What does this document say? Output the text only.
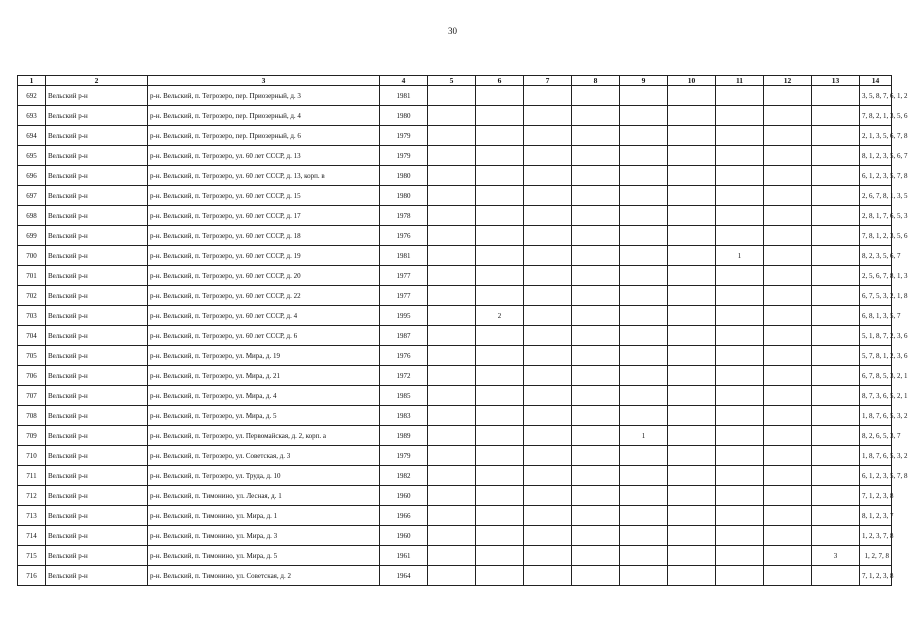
30
1	2	3	4	5	6	7	8	9	10	11	12	13	14
692	Вельский р-н	р-н. Вельский, п. Тегрозеро, пер. Приозерный, д. 3	1981										3, 5, 8, 7, 6, 1, 2
693	Вельский р-н	р-н. Вельский, п. Тегрозеро, пер. Приозерный, д. 4	1980										7, 8, 2, 1, 3, 5, 6
694	Вельский р-н	р-н. Вельский, п. Тегрозеро, пер. Приозерный, д. 6	1979										2, 1, 3, 5, 6, 7, 8
695	Вельский р-н	р-н. Вельский, п. Тегрозеро, ул. 60 лет СССР, д. 13	1979										8, 1, 2, 3, 5, 6, 7
696	Вельский р-н	р-н. Вельский, п. Тегрозеро, ул. 60 лет СССР, д. 13, корп. в	1980										6, 1, 2, 3, 5, 7, 8
697	Вельский р-н	р-н. Вельский, п. Тегрозеро, ул. 60 лет СССР, д. 15	1980										2, 6, 7, 8, 1, 3, 5
698	Вельский р-н	р-н. Вельский, п. Тегрозеро, ул. 60 лет СССР, д. 17	1978										2, 8, 1, 7, 6, 5, 3
699	Вельский р-н	р-н. Вельский, п. Тегрозеро, ул. 60 лет СССР, д. 18	1976										7, 8, 1, 2, 3, 5, 6
700	Вельский р-н	р-н. Вельский, п. Тегрозеро, ул. 60 лет СССР, д. 19	1981							1			8, 2, 3, 5, 6, 7
701	Вельский р-н	р-н. Вельский, п. Тегрозеро, ул. 60 лет СССР, д. 20	1977										2, 5, 6, 7, 8, 1, 3
702	Вельский р-н	р-н. Вельский, п. Тегрозеро, ул. 60 лет СССР, д. 22	1977										6, 7, 5, 3, 2, 1, 8
703	Вельский р-н	р-н. Вельский, п. Тегрозеро, ул. 60 лет СССР, д. 4	1995		2								6, 8, 1, 3, 5, 7
704	Вельский р-н	р-н. Вельский, п. Тегрозеро, ул. 60 лет СССР, д. 6	1987										5, 1, 8, 7, 2, 3, 6
705	Вельский р-н	р-н. Вельский, п. Тегрозеро, ул. Мира, д. 19	1976										5, 7, 8, 1, 2, 3, 6
706	Вельский р-н	р-н. Вельский, п. Тегрозеро, ул. Мира, д. 21	1972										6, 7, 8, 5, 3, 2, 1
707	Вельский р-н	р-н. Вельский, п. Тегрозеро, ул. Мира, д. 4	1985										8, 7, 3, 6, 5, 2, 1
708	Вельский р-н	р-н. Вельский, п. Тегрозеро, ул. Мира, д. 5	1983										1, 8, 7, 6, 5, 3, 2
709	Вельский р-н	р-н. Вельский, п. Тегрозеро, ул. Первомайская, д. 2, корп. а	1989					1					8, 2, 6, 5, 3, 7
710	Вельский р-н	р-н. Вельский, п. Тегрозеро, ул. Советская, д. 3	1979										1, 8, 7, 6, 5, 3, 2
711	Вельский р-н	р-н. Вельский, п. Тегрозеро, ул. Труда, д. 10	1982										6, 1, 2, 3, 5, 7, 8
712	Вельский р-н	р-н. Вельский, п. Тимонино, ул. Лесная, д. 1	1960										7, 1, 2, 3, 8
713	Вельский р-н	р-н. Вельский, п. Тимонино, ул. Мира, д. 1	1966										8, 1, 2, 3, 7
714	Вельский р-н	р-н. Вельский, п. Тимонино, ул. Мира, д. 3	1960										1, 2, 3, 7, 8
715	Вельский р-н	р-н. Вельский, п. Тимонино, ул. Мира, д. 5	1961									3	1, 2, 7, 8
716	Вельский р-н	р-н. Вельский, п. Тимонино, ул. Советская, д. 2	1964										7, 1, 2, 3, 8
